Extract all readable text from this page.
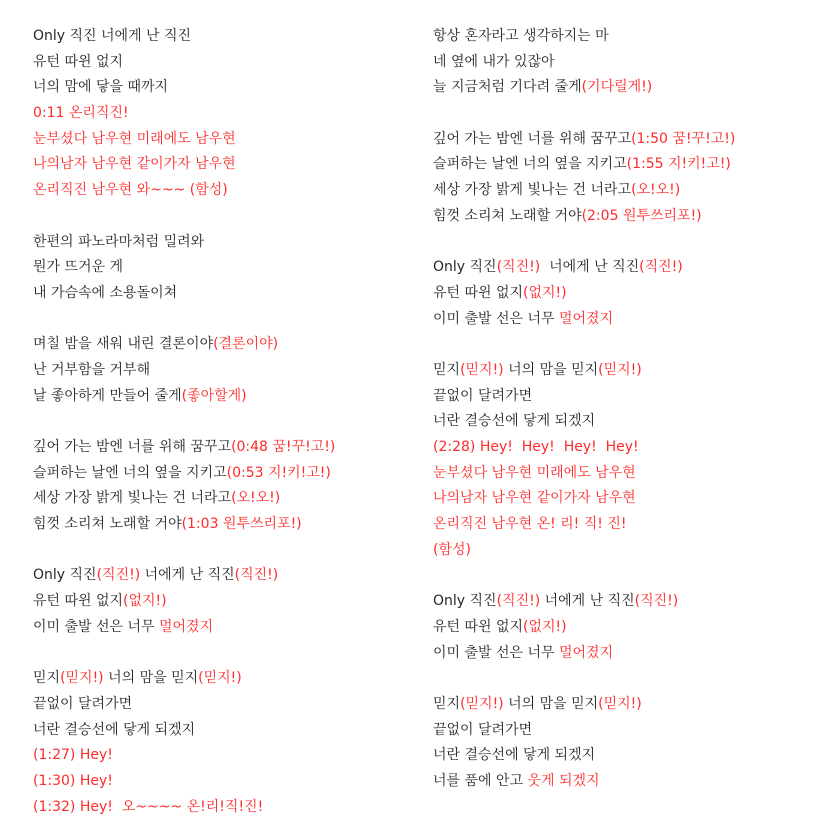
Only 직진 너에게 난 직진
유턴 따윈 없지
너의 맘에 닿을 때까지
0:11 온리직진!
눈부셨다 남우현 미래에도 남우현
나의남자 남우현 같이가자 남우현
온리직진 남우현 와~~~ (함성)
한편의 파노라마처럼 밀려와
뭔가 뜨거운 게
내 가슴속에 소용돌이쳐
며칠 밤을 새워 내린 결론이야(결론이야)
난 거부함을 거부해
날 좋아하게 만들어 줄게(좋아할게)
깊어 가는 밤엔 너를 위해 꿈꾸고(0:48 꿈!꾸!고!)
슬퍼하는 날엔 너의 옆을 지키고(0:53 지!키!고!)
세상 가장 밝게 빛나는 건 너라고(오!오!)
힘껏 소리쳐 노래할 거야(1:03 원투쓰리포!)
Only 직진(직진!) 너에게 난 직진(직진!)
유턴 따윈 없지(없지!)
이미 출발 선은 너무 멀어졌지
믿지(믿지!) 너의 맘을 믿지(믿지!)
끝없이 달려가면
너란 결승선에 닿게 되겠지
(1:27) Hey!
(1:30) Hey!
(1:32) Hey!  오~~~~ 온!리!직!진!
항상 혼자라고 생각하지는 마
네 옆에 내가 있잖아
늘 지금처럼 기다려 줄게(기다릴게!)
깊어 가는 밤엔 너를 위해 꿈꾸고(1:50 꿈!꾸!고!)
슬퍼하는 날엔 너의 옆을 지키고(1:55 지!키!고!)
세상 가장 밝게 빛나는 건 너라고(오!오!)
힘껏 소리쳐 노래할 거야(2:05 원투쓰리포!)
Only 직진(직진!)  너에게 난 직진(직진!)
유턴 따윈 없지(없지!)
이미 출발 선은 너무 멀어졌지
믿지(믿지!) 너의 맘을 믿지(믿지!)
끝없이 달려가면
너란 결승선에 닿게 되겠지
(2:28) Hey!  Hey!  Hey!  Hey!
눈부셨다 남우현 미래에도 남우현
나의남자 남우현 같이가자 남우현
온리직진 남우현 온! 리! 직! 진!
(함성)
Only 직진(직진!) 너에게 난 직진(직진!)
유턴 따윈 없지(없지!)
이미 출발 선은 너무 멀어졌지
믿지(믿지!) 너의 맘을 믿지(믿지!)
끝없이 달려가면
너란 결승선에 닿게 되겠지
너를 품에 안고 웃게 되겠지
